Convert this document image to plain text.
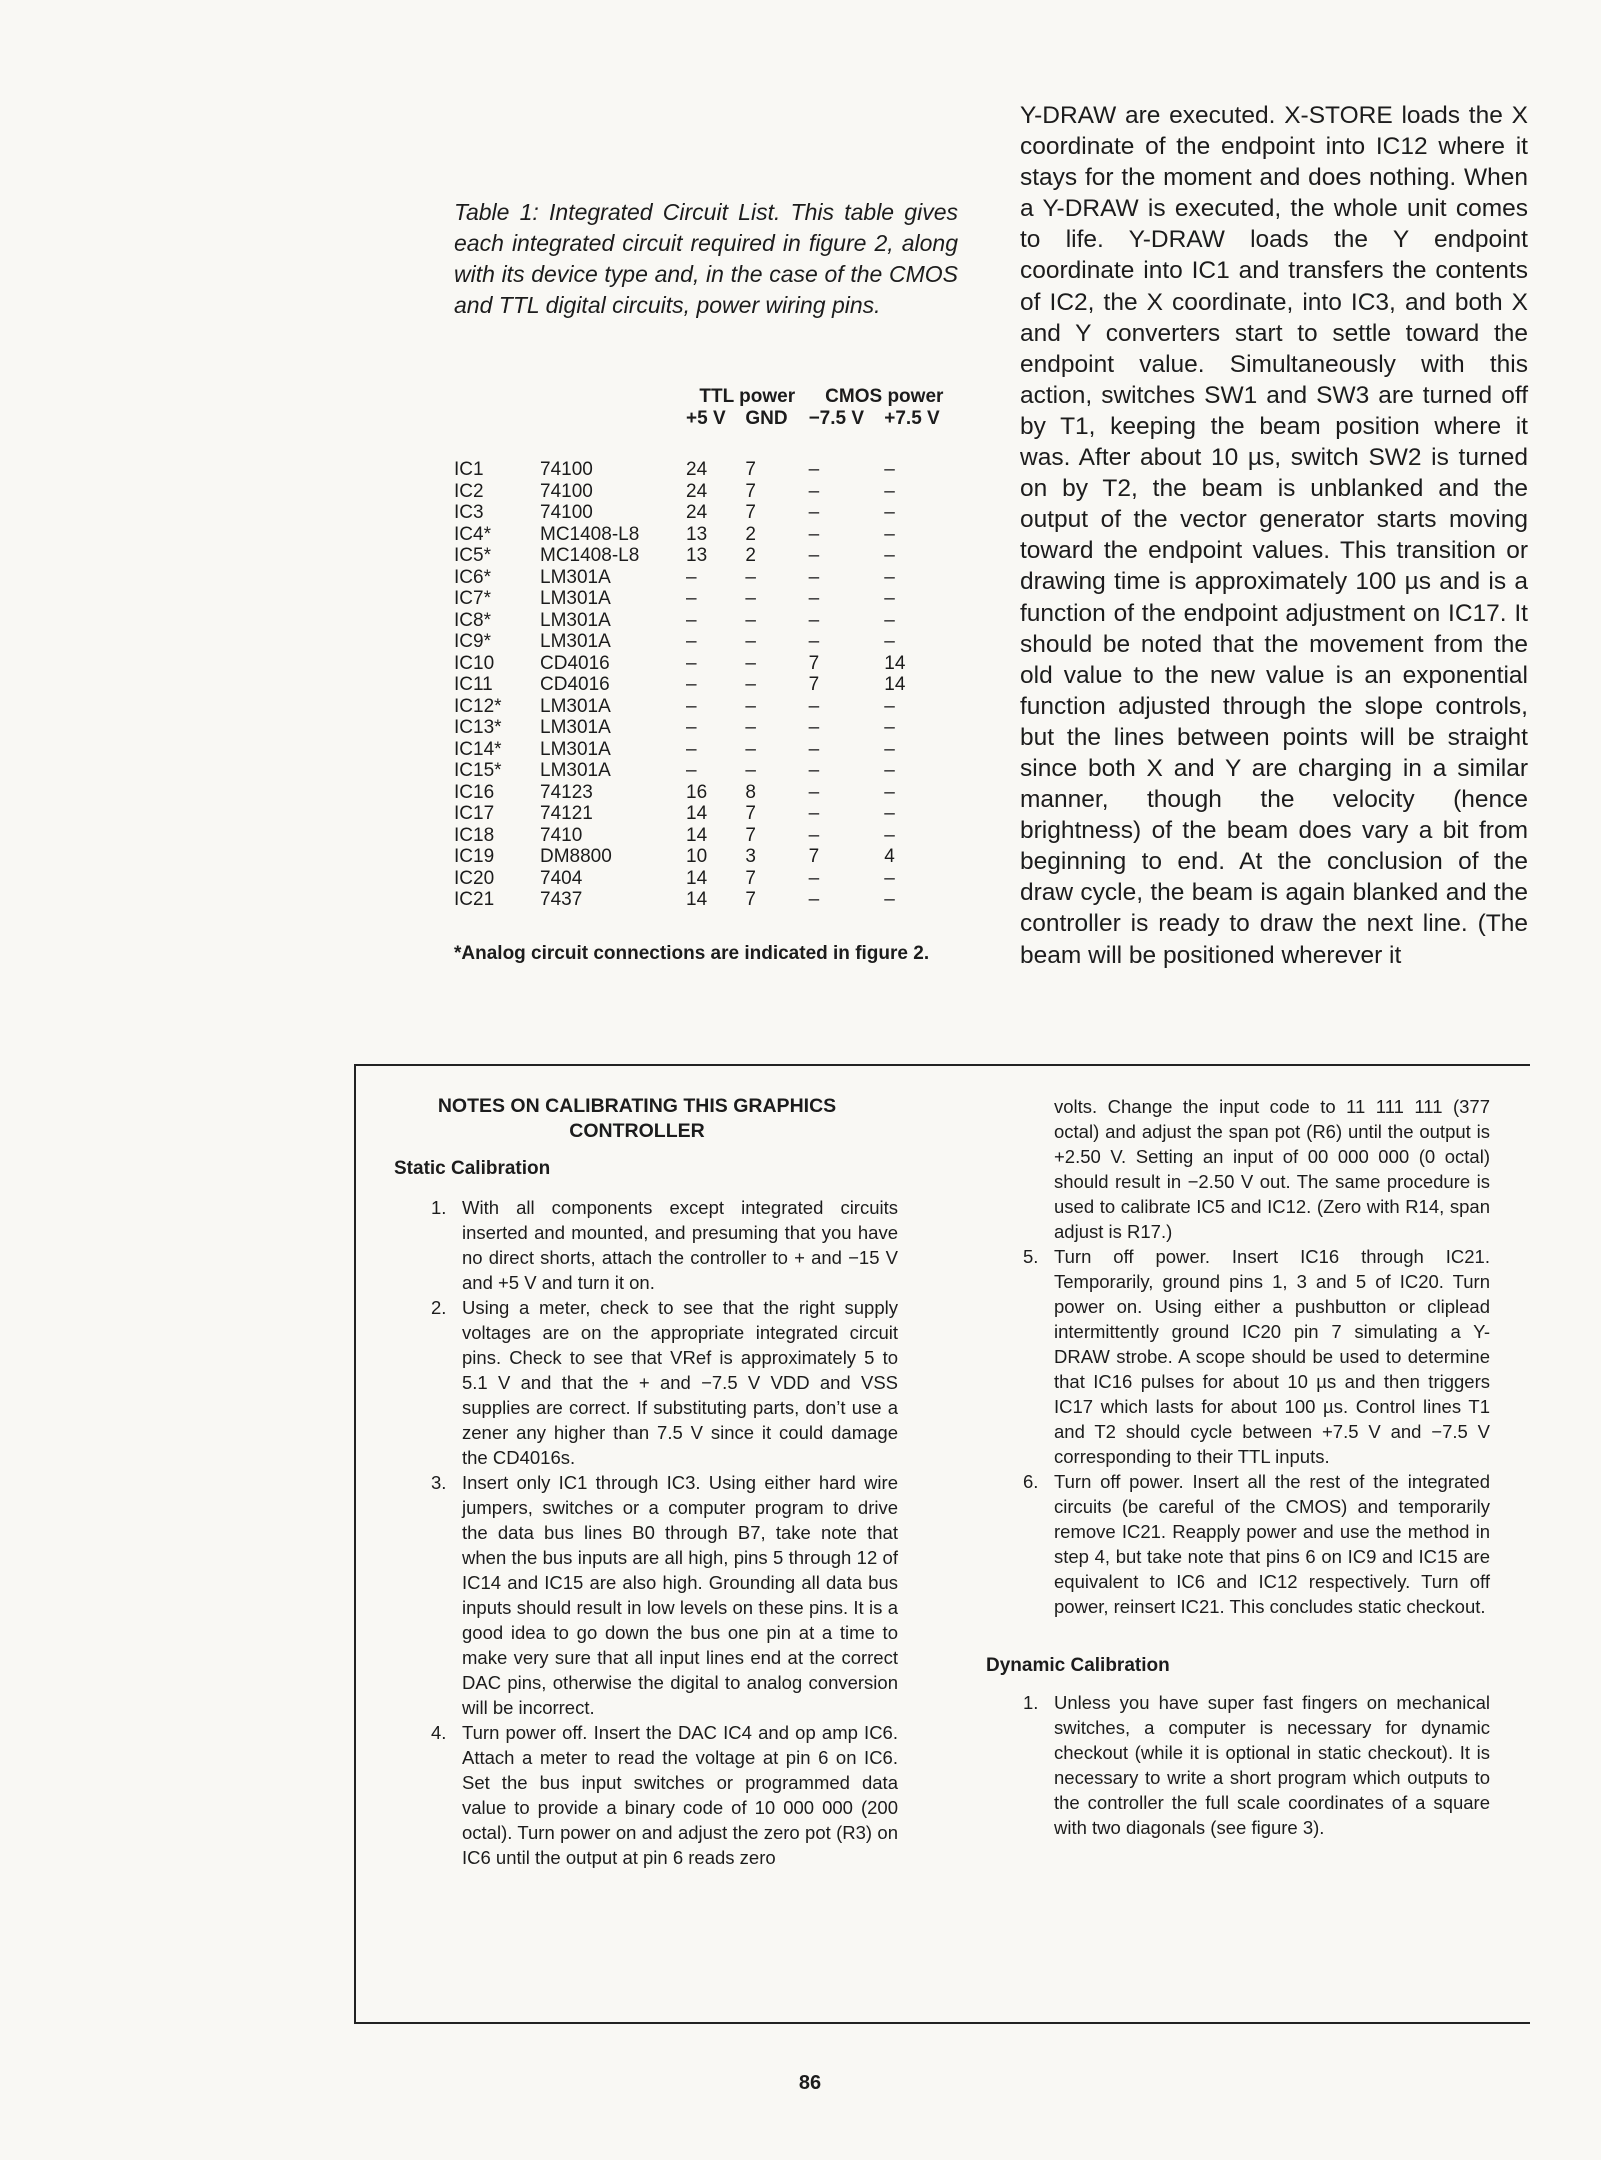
Table 1: Integrated Circuit List. This table gives each integrated circuit required in figure 2, along with its device type and, in the case of the CMOS and TTL digital circuits, power wiring pins.

		TTL power		CMOS power	
		+5 V	GND	−7.5 V	+7.5 V

IC1	74100	24	7	–	–
IC2	74100	24	7	–	–
IC3	74100	24	7	–	–
IC4*	MC1408-L8	13	2	–	–
IC5*	MC1408-L8	13	2	–	–
IC6*	LM301A	–	–	–	–
IC7*	LM301A	–	–	–	–
IC8*	LM301A	–	–	–	–
IC9*	LM301A	–	–	–	–
IC10	CD4016	–	–	7	14
IC11	CD4016	–	–	7	14
IC12*	LM301A	–	–	–	–
IC13*	LM301A	–	–	–	–
IC14*	LM301A	–	–	–	–
IC15*	LM301A	–	–	–	–
IC16	74123	16	8	–	–
IC17	74121	14	7	–	–
IC18	7410	14	7	–	–
IC19	DM8800	10	3	7	4
IC20	7404	14	7	–	–
IC21	7437	14	7	–	–

*Analog circuit connections are indicated in figure 2.

Y-DRAW are executed. X-STORE loads the X coordinate of the endpoint into IC12 where it stays for the moment and does nothing. When a Y-DRAW is executed, the whole unit comes to life. Y-DRAW loads the Y endpoint coordinate into IC1 and transfers the contents of IC2, the X coordinate, into IC3, and both X and Y converters start to settle toward the endpoint value. Simultaneously with this action, switches SW1 and SW3 are turned off by T1, keeping the beam position where it was. After about 10 µs, switch SW2 is turned on by T2, the beam is unblanked and the output of the vector generator starts moving toward the endpoint values. This transition or drawing time is approximately 100 µs and is a function of the endpoint adjustment on IC17. It should be noted that the movement from the old value to the new value is an exponential function adjusted through the slope controls, but the lines between points will be straight since both X and Y are charging in a similar manner, though the velocity (hence brightness) of the beam does vary a bit from beginning to end. At the conclusion of the draw cycle, the beam is again blanked and the controller is ready to draw the next line. (The beam will be positioned wherever it

NOTES ON CALIBRATING THIS GRAPHICS CONTROLLER

Static Calibration

1. With all components except integrated circuits inserted and mounted, and presuming that you have no direct shorts, attach the controller to + and −15 V and +5 V and turn it on.
2. Using a meter, check to see that the right supply voltages are on the appropriate integrated circuit pins. Check to see that VRef is approximately 5 to 5.1 V and that the + and −7.5 V VDD and VSS supplies are correct. If substituting parts, don’t use a zener any higher than 7.5 V since it could damage the CD4016s.
3. Insert only IC1 through IC3. Using either hard wire jumpers, switches or a computer program to drive the data bus lines B0 through B7, take note that when the bus inputs are all high, pins 5 through 12 of IC14 and IC15 are also high. Grounding all data bus inputs should result in low levels on these pins. It is a good idea to go down the bus one pin at a time to make very sure that all input lines end at the correct DAC pins, otherwise the digital to analog conversion will be incorrect.
4. Turn power off. Insert the DAC IC4 and op amp IC6. Attach a meter to read the voltage at pin 6 on IC6. Set the bus input switches or programmed data value to provide a binary code of 10 000 000 (200 octal). Turn power on and adjust the zero pot (R3) on IC6 until the output at pin 6 reads zero
volts. Change the input code to 11 111 111 (377 octal) and adjust the span pot (R6) until the output is +2.50 V. Setting an input of 00 000 000 (0 octal) should result in −2.50 V out. The same procedure is used to calibrate IC5 and IC12. (Zero with R14, span adjust is R17.)
5. Turn off power. Insert IC16 through IC21. Temporarily, ground pins 1, 3 and 5 of IC20. Turn power on. Using either a pushbutton or cliplead intermittently ground IC20 pin 7 simulating a Y-DRAW strobe. A scope should be used to determine that IC16 pulses for about 10 µs and then triggers IC17 which lasts for about 100 µs. Control lines T1 and T2 should cycle between +7.5 V and −7.5 V corresponding to their TTL inputs.
6. Turn off power. Insert all the rest of the integrated circuits (be careful of the CMOS) and temporarily remove IC21. Reapply power and use the method in step 4, but take note that pins 6 on IC9 and IC15 are equivalent to IC6 and IC12 respectively. Turn off power, reinsert IC21. This concludes static checkout.

Dynamic Calibration

1. Unless you have super fast fingers on mechanical switches, a computer is necessary for dynamic checkout (while it is optional in static checkout). It is necessary to write a short program which outputs to the controller the full scale coordinates of a square with two diagonals (see figure 3).
86
